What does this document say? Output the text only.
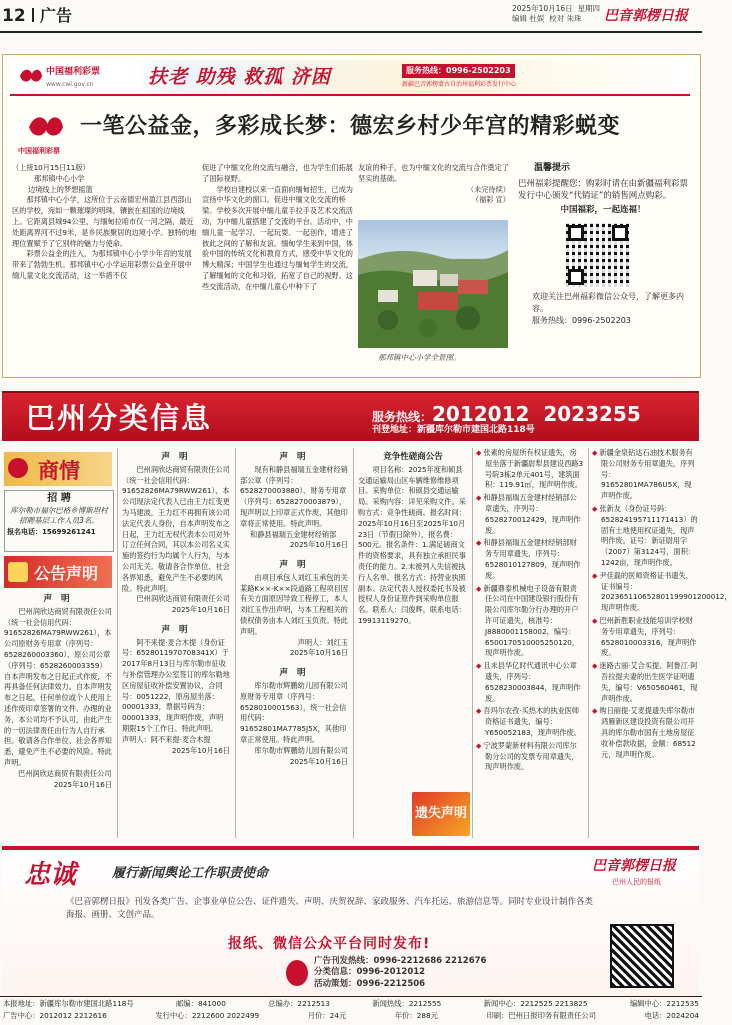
12 广告	2025年10月16日 星期四
编辑 杜娱 校对 朱珠	巴音郭楞日报
中国福利彩票
www.cwl.gov.cn	扶老 助残 救孤 济困	服务热线：0996-2502203
新疆巴音郭楞蒙古自治州福利彩票发行中心
中国福利彩票
一笔公益金，多彩成长梦：德宏乡村少年宫的精彩蜕变

（上接10月15日11版）

那邦镇中心小学

边境线上的梦想摇篮

那邦镇中心小学，这所位于云南德宏州盈江县西部山区的学校，宛如一颗璀璨的明珠，镶嵌在祖国的边境线上。它距离县城94公里，与缅甸拉咱市仅一河之隔，最近处距离界河不过9米，是乡民族聚居的边境小学。独特的地理位置赋予了它别样的魅力与使命。

彩票公益金的注入，为那邦镇中心小学少年宫的发展带来了勃勃生机。那邦镇中心小学运用彩票公益金开展中缅儿童文化交流活动，这一举措不仅

促进了中缅文化的交流与融合，也为学生们拓展了国际视野。

学校自建校以来一直面向缅甸招生，已成为宣扬中华文化的窗口。促进中缅文化交流的桥梁。学校多次开展中缅儿童手拉手及艺术交流活动，为中缅儿童搭建了交流的平台。活动中，中缅儿童一起学习、一起玩耍、一起创作，增进了彼此之间的了解和友谊。缅甸学生来到中国，体验中国的传统文化和教育方式，感受中华文化的博大精深；中国学生也通过与缅甸学生的交流，了解缅甸的文化和习俗，拓宽了自己的视野。这些交流活动，在中缅儿童心中种下了

友谊的种子，也为中缅文化的交流与合作奠定了坚实的基础。

（未完待续）

（福彩 宣）

那邦镇中心小学全景图。
温馨提示
巴州福彩提醒您：购彩时请在由新疆福利彩票发行中心颁发“代销证”的销售网点购彩。
中国福彩，一起连福！
欢迎关注巴州福彩微信公众号，了解更多内容。
服务热线：0996-2502203
巴州分类信息	服务热线：2012012  2023255
刊登地址：新疆库尔勒市建国北路118号
商情
招 聘
库尔勒市福尔巴格乡博斯坦村招聘基层工作人员3名。
报名电话：15699261241
公告声明
声 明

巴州润欣达商贸有限责任公司（统一社会信用代码：91652826MA79RWW261），本公司原财务专用章（序列号：6528260003360）、原公司公章（序列号：6528260003359）自本声明发布之日起正式作废，不再具备任何法律效力。自本声明发布之日起，任何单位或个人使用上述作废印章签署的文件、办理的业务，本公司均不予认可，由此产生的一切法律责任由行为人自行承担。敬请各合作单位、社会各界知悉，避免产生不必要的风险。特此声明。

巴州润欣达商贸有限责任公司

2025年10月16日

声 明

巴州润欣达商贸有限责任公司（统一社会信用代码：91652826MA79RWW261），本公司现法定代表人已由王力红变更为马建波，王力红不再拥有该公司法定代表人身份，自本声明发布之日起，王力红无权代表本公司对外订立任何合同，其以本公司名义实施的签约行为均属个人行为，与本公司无关。敬请各合作单位、社会各界知悉，避免产生不必要的风险。特此声明。

巴州润欣达商贸有限责任公司

2025年10月16日

声 明

阿不来提·麦合木提（身份证号：6528011970708341X）于2017年8月13日与库尔勒市征收与补偿管理办公室签订的库尔勒地区房屋征收补偿安置协议，合同号：0051222，原房屋坐落：00001333，票据号码为：00001333，现声明作废，声明期限15个工作日。特此声明。

声明人：阿不来提·麦合木提

2025年10月16日

声 明

现有和静县福瑞五金建材经销部公章（序列号：6528270003880）、财务专用章（序列号：6528270003879），现声明以上印章正式作废，其他印章将正常使用。特此声明。

和静县福瑞五金建材经销部

2025年10月16日

声 明

由项目承包人刘红玉承包的关某路K××-K××段道路工程项目因有关方面原因导致工程停工，本人刘红玉作出声明，与本工程相关的债权债务由本人刘红玉负责。特此声明。

声明人：刘红玉

2025年10月16日

声 明

库尔勒市辉鹏幼儿园有限公司原财务专用章（序列号：6528010001563），统一社会信用代码：91652801MA7785J5X，其他印章正常使用。特此声明。

库尔勒市辉鹏幼儿园有限公司

2025年10月16日

竞争性磋商公告

项目名称：2025年度和硕县交通运输局山区车辆维修维修项目。采购单位：和硕县交通运输局。采购内容：详见采购文件。采购方式：竞争性磋商。报名时间：2025年10月16日至2025年10月23日（节假日除外），报名费：500元。报名条件：1.满足磋商文件的资格要求，具有独立承担民事责任的能力。2.未被列入失信被执行人名单。报名方式：持营业执照副本、法定代表人授权委托书及被授权人身份证原件到采购单位报名。联系人：闫俊辉，联系电话：19913119270。

遗失声明
◆ 张素的房屋所有权证遗失，房屋坐落于新疆尉犁县建设西路3号院3栋2单元401号，建筑面积：119.91㎡，现声明作废。
◆ 和静县福瑞五金建材经销部公章遗失，序列号：6528270012429，现声明作废。
◆ 和静县福瑞五金建材经销部财务专用章遗失，序列号：6528010127809，现声明作废。
◆ 新疆鼎泰机械电子设备有限责任公司在中国建设银行股份有限公司库尔勒分行办理的开户许可证遗失，核准号：J8880001158002，编号：6500170510005250120，现声明作废。
◆ 且末县华亿时代通讯中心公章遗失，序列号：6528230003844，现声明作废。
◆ 吾玛尔农孜·买热木的执业医师资格证书遗失，编号：Y650052183，现声明作废。
◆ 宁波罗蒙新材料有限公司库尔勒分公司的发票专用章遗失，现声明作废。
◆ 新疆金泉钻达石油技术服务有限公司财务专用章遗失，序列号：91652801MA786U5X，现声明作废。
◆ 张新友（身份证号码：652824195711171413）的固有土地使用权证遗失，现声明作废。证号：新证尉用字（2007）第3124号，面积：1242亩，现声明作废。
◆ 尹佳磊的医师资格证书遗失，证书编号：202365110652801199901200012，现声明作废。
◆ 巴州新胜职业技能培训学校财务专用章遗失，序列号：6528010003316，现声明作废。
◆ 迷路古丽·艾合买提、阿鲁江·阿吾拉提夫妻的出生医学证明遗失，编号：V650560461，现声明作废。
◆ 购日丽提·艾麦提遗失库尔勒市鸿雁新区建设投资有限公司开具的库尔勒市国有土地房屋征收补偿款收据，金额：68512元，现声明作废。
忠诚	履行新闻舆论工作职责使命	巴音郭楞日报
巴州人民的报纸
《巴音郭楞日报》刊发各类广告、企事业单位公告、证件遗失、声明、庆贺祝辞、家政服务、汽车托运、旅游信息等。同时专业设计制作各类海报、画册、文创产品。
报纸、微信公众平台同时发布!
广告刊发热线：0996-2212686 2212676
分类信息：0996-2012012
活动策划：0996-2212506
本报地址：新疆库尔勒市建国北路118号	邮编：841000	总编办：2212513	新闻热线：2212555	新闻中心：2212525 2213825	编辑中心：2212535
广告中心：2012012 2212616	发行中心：2212600 2022499	月价：24元	年价：288元	印刷：巴州日报印务有限责任公司	电话：2024204
